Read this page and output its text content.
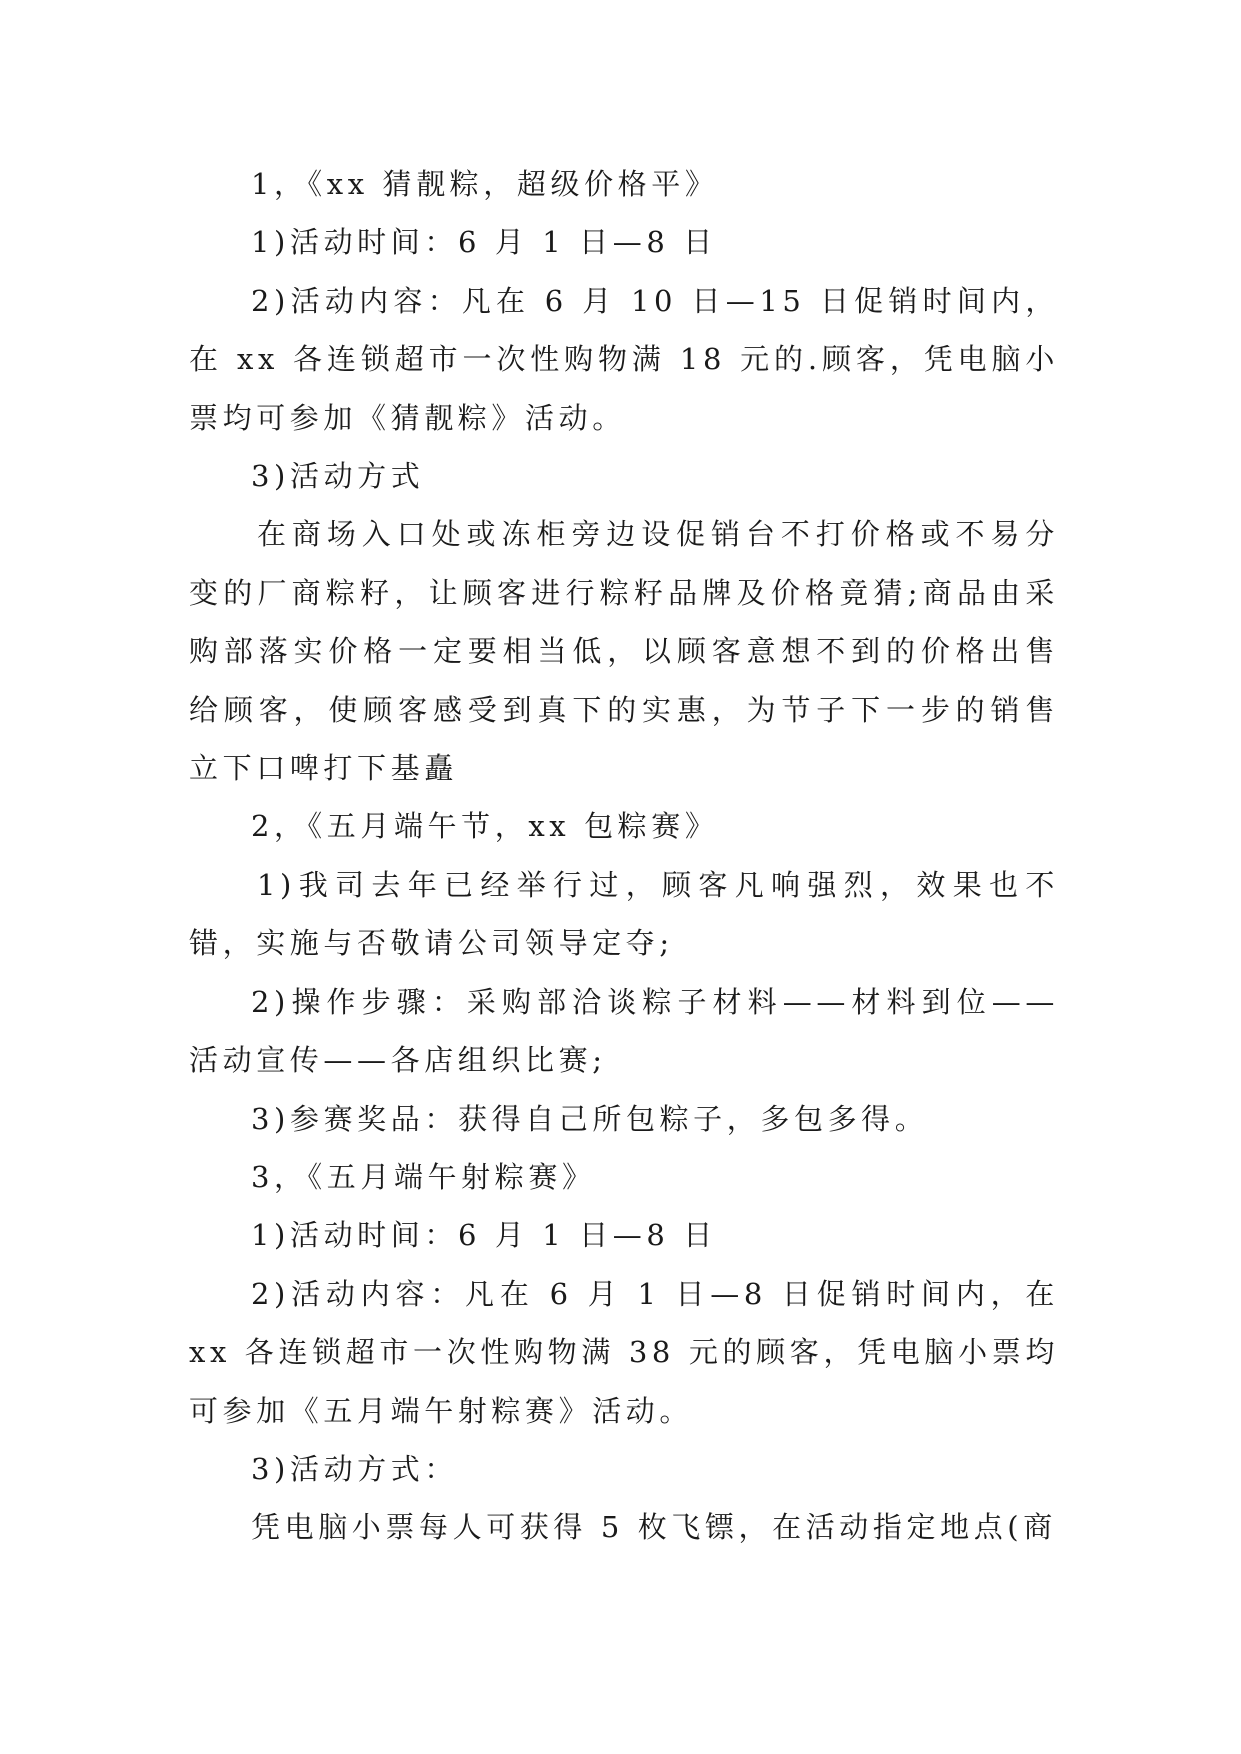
1，《xx 猜靓粽，超级价格平》

1)活动时间：6 月 1 日—8 日

2)活动内容：凡在 6 月 10 日—15 日促销时间内，在 xx 各连锁超市一次性购物满 18 元的.顾客，凭电脑小票均可参加《猜靓粽》活动。

3)活动方式

在商场入口处或冻柜旁边设促销台不打价格或不易分变的厂商粽籽，让顾客进行粽籽品牌及价格竟猜;商品由采购部落实价格一定要相当低，以顾客意想不到的价格出售给顾客，使顾客感受到真下的实惠，为节子下一步的销售立下口啤打下基矗

2，《五月端午节，xx 包粽赛》

1)我司去年已经举行过，顾客凡响强烈，效果也不错，实施与否敬请公司领导定夺;

2)操作步骤：采购部洽谈粽子材料——材料到位——活动宣传——各店组织比赛;

3)参赛奖品：获得自己所包粽子，多包多得。

3，《五月端午射粽赛》

1)活动时间：6 月 1 日—8 日

2)活动内容：凡在 6 月 1 日—8 日促销时间内，在 xx 各连锁超市一次性购物满 38 元的顾客，凭电脑小票均可参加《五月端午射粽赛》活动。

3)活动方式：

凭电脑小票每人可获得 5 枚飞镖，在活动指定地点(商
